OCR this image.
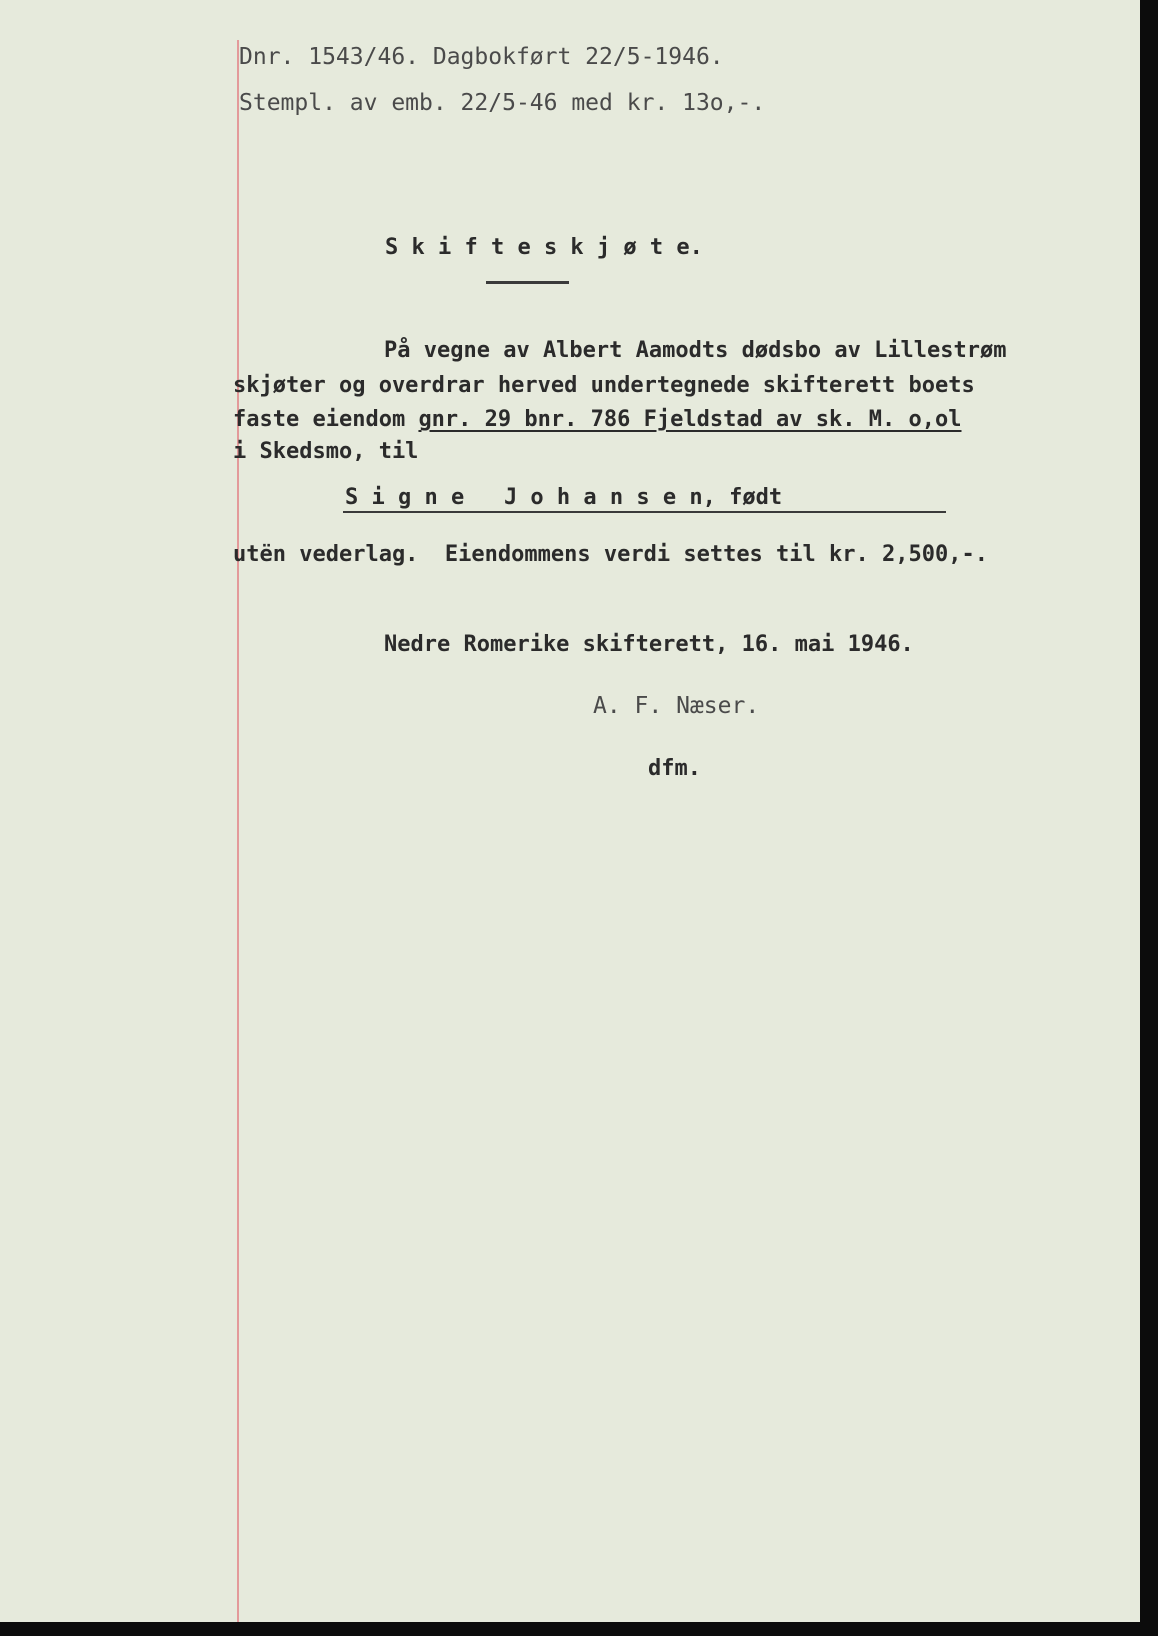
Dnr. 1543/46. Dagbokført 22/5-1946.
Stempl. av emb. 22/5-46 med kr. 13o,-.
S k i f t e s k j ø t e.
På vegne av Albert Aamodts dødsbo av Lillestrøm
skjøter og overdrar herved undertegnede skifterett boets
faste eiendom gnr. 29 bnr. 786 Fjeldstad av sk. M. o,ol
i Skedsmo, til
S i g n e   J o h a n s e n, født
utën vederlag.  Eiendommens verdi settes til kr. 2,500,-.
Nedre Romerike skifterett, 16. mai 1946.
A. F. Næser.
dfm.
